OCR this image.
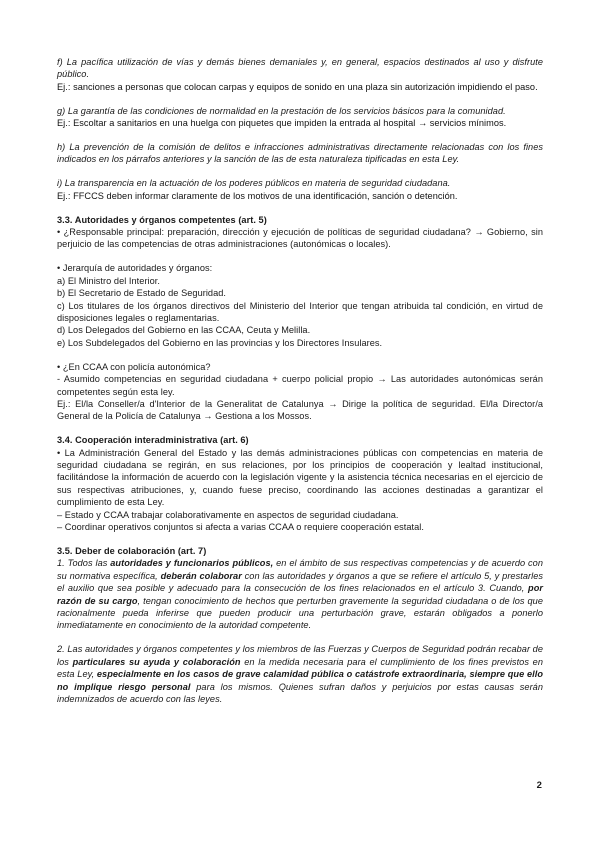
f) La pacífica utilización de vías y demás bienes demaniales y, en general, espacios destinados al uso y disfrute público.
Ej.: sanciones a personas que colocan carpas y equipos de sonido en una plaza sin autorización impidiendo el paso.
g) La garantía de las condiciones de normalidad en la prestación de los servicios básicos para la comunidad.
Ej.: Escoltar a sanitarios en una huelga con piquetes que impiden la entrada al hospital → servicios mínimos.
h) La prevención de la comisión de delitos e infracciones administrativas directamente relacionadas con los fines indicados en los párrafos anteriores y la sanción de las de esta naturaleza tipificadas en esta Ley.
i) La transparencia en la actuación de los poderes públicos en materia de seguridad ciudadana.
Ej.: FFCCS deben informar claramente de los motivos de una identificación, sanción o detención.
3.3. Autoridades y órganos competentes (art. 5)
• ¿Responsable principal: preparación, dirección y ejecución de políticas de seguridad ciudadana? → Gobierno, sin perjuicio de las competencias de otras administraciones (autonómicas o locales).
• Jerarquía de autoridades y órganos:
a) El Ministro del Interior.
b) El Secretario de Estado de Seguridad.
c) Los titulares de los órganos directivos del Ministerio del Interior que tengan atribuida tal condición, en virtud de disposiciones legales o reglamentarias.
d) Los Delegados del Gobierno en las CCAA, Ceuta y Melilla.
e) Los Subdelegados del Gobierno en las provincias y los Directores Insulares.
• ¿En CCAA con policía autonómica?
- Asumido competencias en seguridad ciudadana + cuerpo policial propio → Las autoridades autonómicas serán competentes según esta ley.
Ej.: El/la Conseller/a d'Interior de la Generalitat de Catalunya → Dirige la política de seguridad. El/la Director/a General de la Policía de Catalunya → Gestiona a los Mossos.
3.4. Cooperación interadministrativa (art. 6)
• La Administración General del Estado y las demás administraciones públicas con competencias en materia de seguridad ciudadana se regirán, en sus relaciones, por los principios de cooperación y lealtad institucional, facilitándose la información de acuerdo con la legislación vigente y la asistencia técnica necesarias en el ejercicio de sus respectivas atribuciones, y, cuando fuese preciso, coordinando las acciones destinadas a garantizar el cumplimiento de esta Ley.
– Estado y CCAA trabajar colaborativamente en aspectos de seguridad ciudadana.
– Coordinar operativos conjuntos si afecta a varias CCAA o requiere cooperación estatal.
3.5. Deber de colaboración (art. 7)
1. Todos las autoridades y funcionarios públicos, en el ámbito de sus respectivas competencias y de acuerdo con su normativa específica, deberán colaborar con las autoridades y órganos a que se refiere el artículo 5, y prestarles el auxilio que sea posible y adecuado para la consecución de los fines relacionados en el artículo 3. Cuando, por razón de su cargo, tengan conocimiento de hechos que perturben gravemente la seguridad ciudadana o de los que racionalmente pueda inferirse que pueden producir una perturbación grave, estarán obligados a ponerlo inmediatamente en conocimiento de la autoridad competente.
2. Las autoridades y órganos competentes y los miembros de las Fuerzas y Cuerpos de Seguridad podrán recabar de los particulares su ayuda y colaboración en la medida necesaria para el cumplimiento de los fines previstos en esta Ley, especialmente en los casos de grave calamidad pública o catástrofe extraordinaria, siempre que ello no implique riesgo personal para los mismos. Quienes sufran daños y perjuicios por estas causas serán indemnizados de acuerdo con las leyes.
2
